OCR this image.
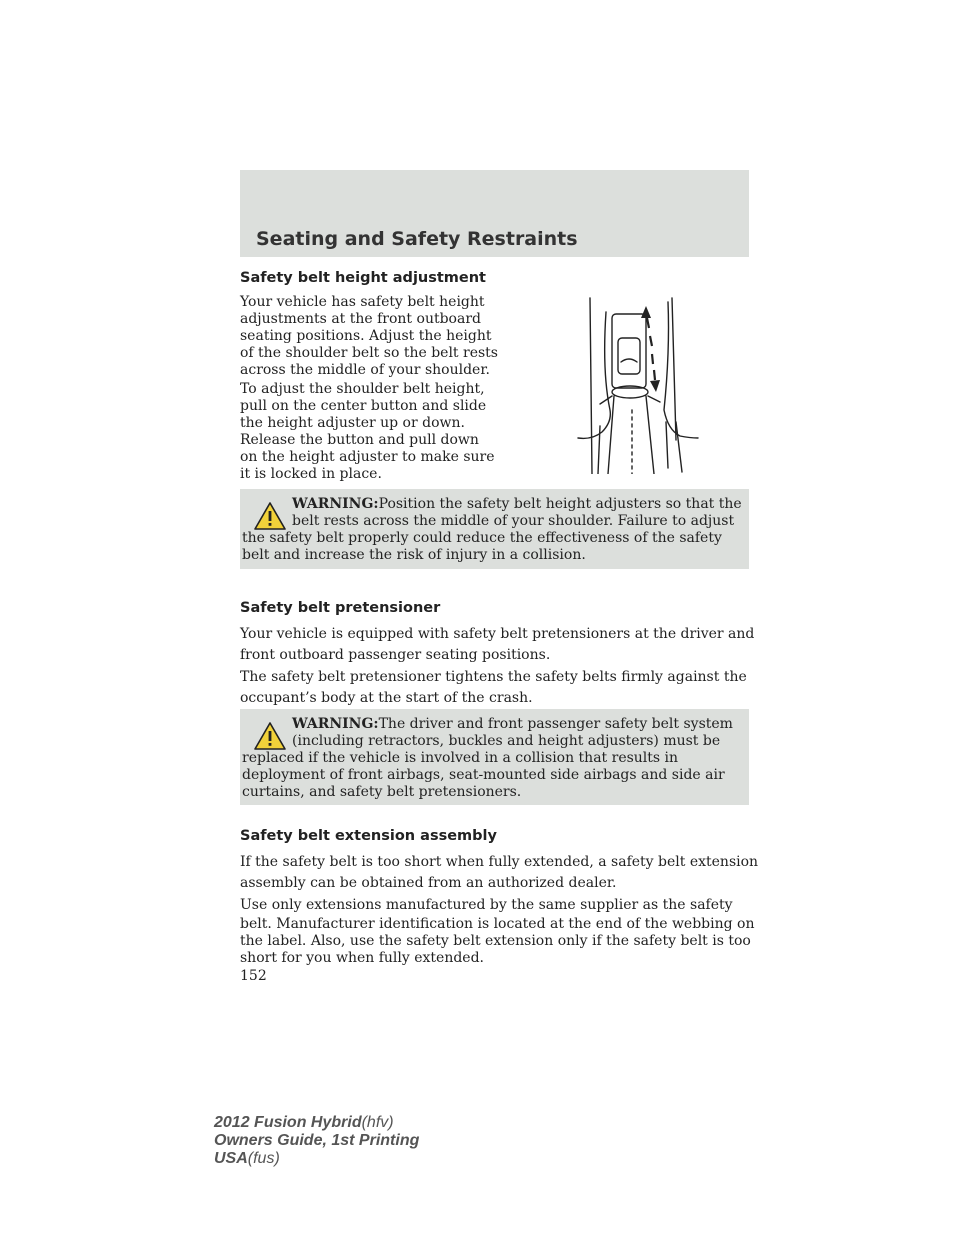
Seating and Safety Restraints
Safety belt height adjustment
Your vehicle has safety belt height
adjustments at the front outboard
seating positions. Adjust the height
of the shoulder belt so the belt rests
across the middle of your shoulder.
To adjust the shoulder belt height,
pull on the center button and slide
the height adjuster up or down.
Release the button and pull down
on the height adjuster to make sure
it is locked in place.
WARNING:Position the safety belt height adjusters so that the
belt rests across the middle of your shoulder. Failure to adjust
the safety belt properly could reduce the effectiveness of the safety
belt and increase the risk of injury in a collision.
Safety belt pretensioner
Your vehicle is equipped with safety belt pretensioners at the driver and
front outboard passenger seating positions.
The safety belt pretensioner tightens the safety belts firmly against the
occupant’s body at the start of the crash.
WARNING:The driver and front passenger safety belt system
(including retractors, buckles and height adjusters) must be
replaced if the vehicle is involved in a collision that results in
deployment of front airbags, seat-mounted side airbags and side air
curtains, and safety belt pretensioners.
Safety belt extension assembly
If the safety belt is too short when fully extended, a safety belt extension
assembly can be obtained from an authorized dealer.
Use only extensions manufactured by the same supplier as the safety
belt. Manufacturer identification is located at the end of the webbing on
the label. Also, use the safety belt extension only if the safety belt is too
short for you when fully extended.
152
2012 Fusion Hybrid(hfv)
Owners Guide, 1st Printing
USA(fus)
